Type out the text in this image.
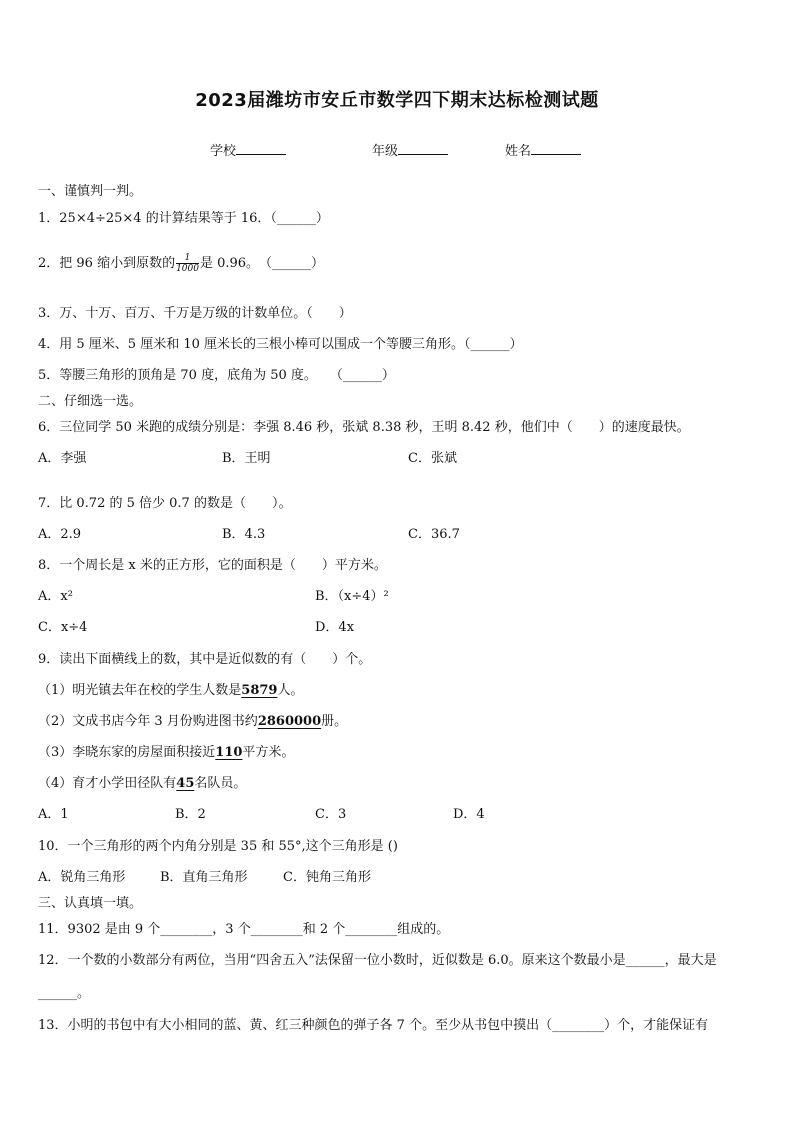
2023届潍坊市安丘市数学四下期末达标检测试题
学校	年级	姓名
一、谨慎判一判。
1．25×4÷25×4 的计算结果等于 16．（______）
2．把 96 缩小到原数的 $\frac{1}{1000}$ 是 0.96。　（______）
3．万、十万、百万、千万是万级的计数单位。（　　）
4．用 5 厘米、5 厘米和 10 厘米长的三根小棒可以围成一个等腰三角形。（______）
5．等腰三角形的顶角是 70 度，底角为 50 度。　　（______）
二、仔细选一选。
6．三位同学 50 米跑的成绩分别是：李强 8.46 秒，张斌 8.38 秒，王明 8.42 秒，他们中（　　）的速度最快。
A．李强	B．王明	C．张斌
7．比 0.72 的 5 倍少 0.7 的数是（　　）。
A．2.9	B．4.3	C．36.7
8．一个周长是 x 米的正方形，它的面积是（　　）平方米。
A．x²	B．（x÷4）²
C．x÷4	D．4x
9．读出下面横线上的数，其中是近似数的有（　　）个。
（1）明光镇去年在校的学生人数是5879人。
（2）文成书店今年 3 月份购进图书约2860000册。
（3）李晓东家的房屋面积接近110平方米。
（4）育才小学田径队有45名队员。
A．1	B．2	C．3	D．4
10．一个三角形的两个内角分别是 35 和 55°,这个三角形是 ()
A．锐角三角形	B．直角三角形	C．钝角三角形
三、认真填一填。
11．9302 是由 9 个________，3 个________和 2 个________组成的。
12．一个数的小数部分有两位，当用“四舍五入”法保留一位小数时，近似数是 6.0。原来这个数最小是______，最大是
______。
13．小明的书包中有大小相同的蓝、黄、红三种颜色的弹子各 7 个。至少从书包中摸出（________）个，才能保证有
